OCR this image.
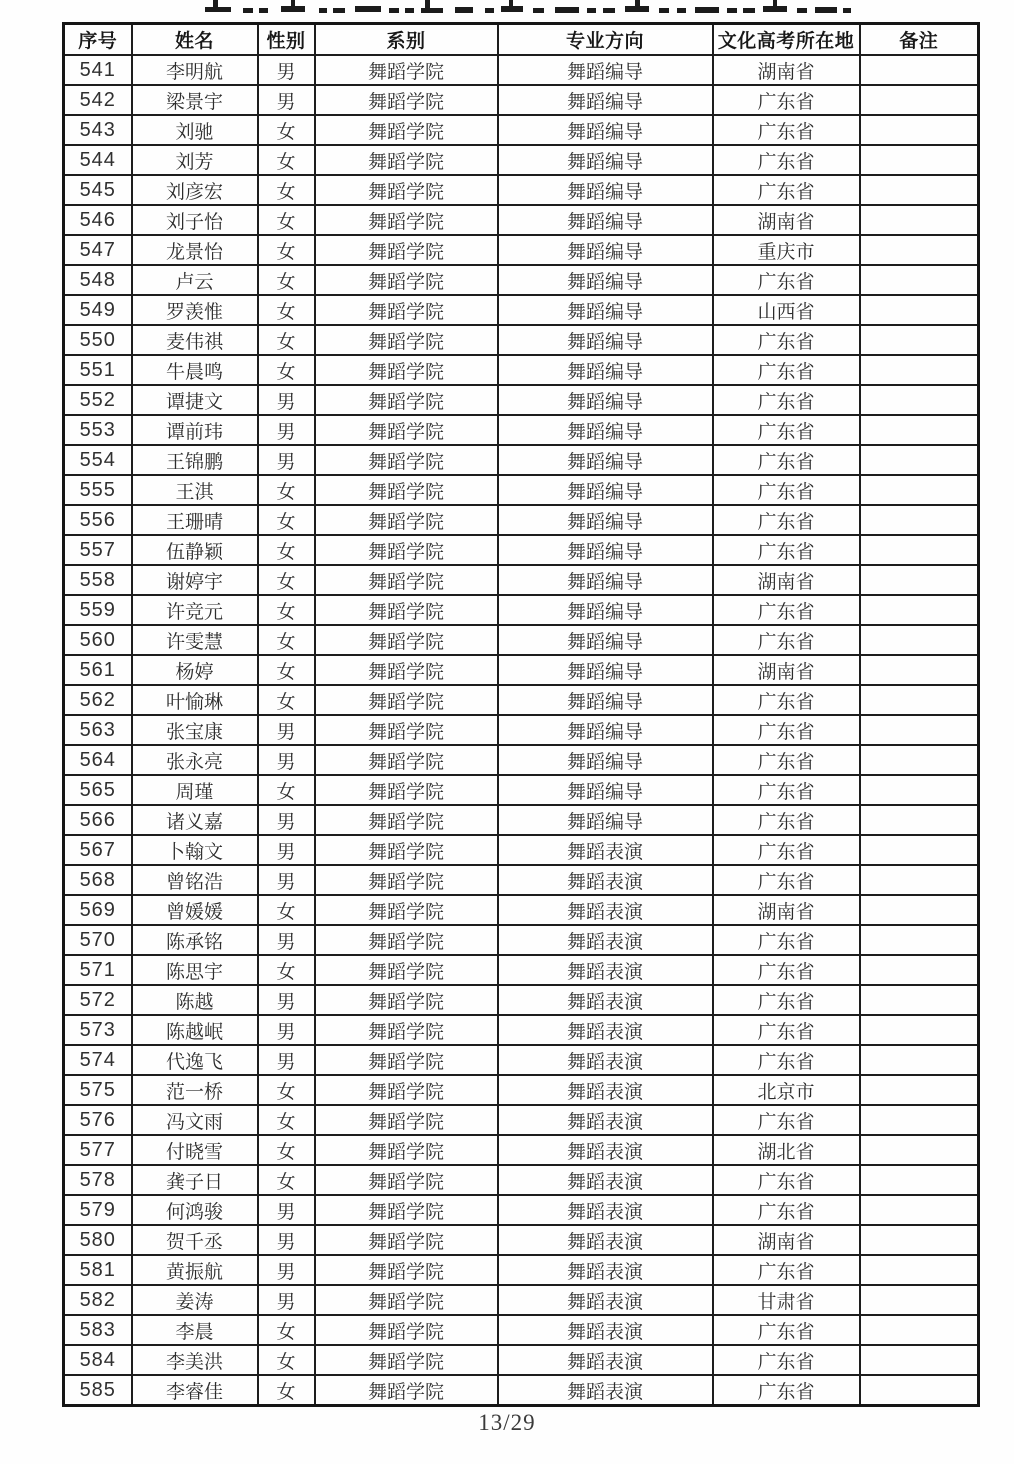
序号	姓名	性别	系别	专业方向	文化高考所在地	备注
541	李明航	男	舞蹈学院	舞蹈编导	湖南省	
542	梁景宇	男	舞蹈学院	舞蹈编导	广东省	
543	刘驰	女	舞蹈学院	舞蹈编导	广东省	
544	刘芳	女	舞蹈学院	舞蹈编导	广东省	
545	刘彦宏	女	舞蹈学院	舞蹈编导	广东省	
546	刘子怡	女	舞蹈学院	舞蹈编导	湖南省	
547	龙景怡	女	舞蹈学院	舞蹈编导	重庆市	
548	卢云	女	舞蹈学院	舞蹈编导	广东省	
549	罗羡惟	女	舞蹈学院	舞蹈编导	山西省	
550	麦伟祺	女	舞蹈学院	舞蹈编导	广东省	
551	牛晨鸣	女	舞蹈学院	舞蹈编导	广东省	
552	谭捷文	男	舞蹈学院	舞蹈编导	广东省	
553	谭前玮	男	舞蹈学院	舞蹈编导	广东省	
554	王锦鹏	男	舞蹈学院	舞蹈编导	广东省	
555	王淇	女	舞蹈学院	舞蹈编导	广东省	
556	王珊晴	女	舞蹈学院	舞蹈编导	广东省	
557	伍静颖	女	舞蹈学院	舞蹈编导	广东省	
558	谢婷宇	女	舞蹈学院	舞蹈编导	湖南省	
559	许竞元	女	舞蹈学院	舞蹈编导	广东省	
560	许雯慧	女	舞蹈学院	舞蹈编导	广东省	
561	杨婷	女	舞蹈学院	舞蹈编导	湖南省	
562	叶愉琳	女	舞蹈学院	舞蹈编导	广东省	
563	张宝康	男	舞蹈学院	舞蹈编导	广东省	
564	张永亮	男	舞蹈学院	舞蹈编导	广东省	
565	周瑾	女	舞蹈学院	舞蹈编导	广东省	
566	诸义嘉	男	舞蹈学院	舞蹈编导	广东省	
567	卜翰文	男	舞蹈学院	舞蹈表演	广东省	
568	曾铭浩	男	舞蹈学院	舞蹈表演	广东省	
569	曾媛媛	女	舞蹈学院	舞蹈表演	湖南省	
570	陈承铭	男	舞蹈学院	舞蹈表演	广东省	
571	陈思宇	女	舞蹈学院	舞蹈表演	广东省	
572	陈越	男	舞蹈学院	舞蹈表演	广东省	
573	陈越岷	男	舞蹈学院	舞蹈表演	广东省	
574	代逸飞	男	舞蹈学院	舞蹈表演	广东省	
575	范一桥	女	舞蹈学院	舞蹈表演	北京市	
576	冯文雨	女	舞蹈学院	舞蹈表演	广东省	
577	付晓雪	女	舞蹈学院	舞蹈表演	湖北省	
578	龚子日	女	舞蹈学院	舞蹈表演	广东省	
579	何鸿骏	男	舞蹈学院	舞蹈表演	广东省	
580	贺千丞	男	舞蹈学院	舞蹈表演	湖南省	
581	黄振航	男	舞蹈学院	舞蹈表演	广东省	
582	姜涛	男	舞蹈学院	舞蹈表演	甘肃省	
583	李晨	女	舞蹈学院	舞蹈表演	广东省	
584	李美洪	女	舞蹈学院	舞蹈表演	广东省	
585	李睿佳	女	舞蹈学院	舞蹈表演	广东省	
13/29
